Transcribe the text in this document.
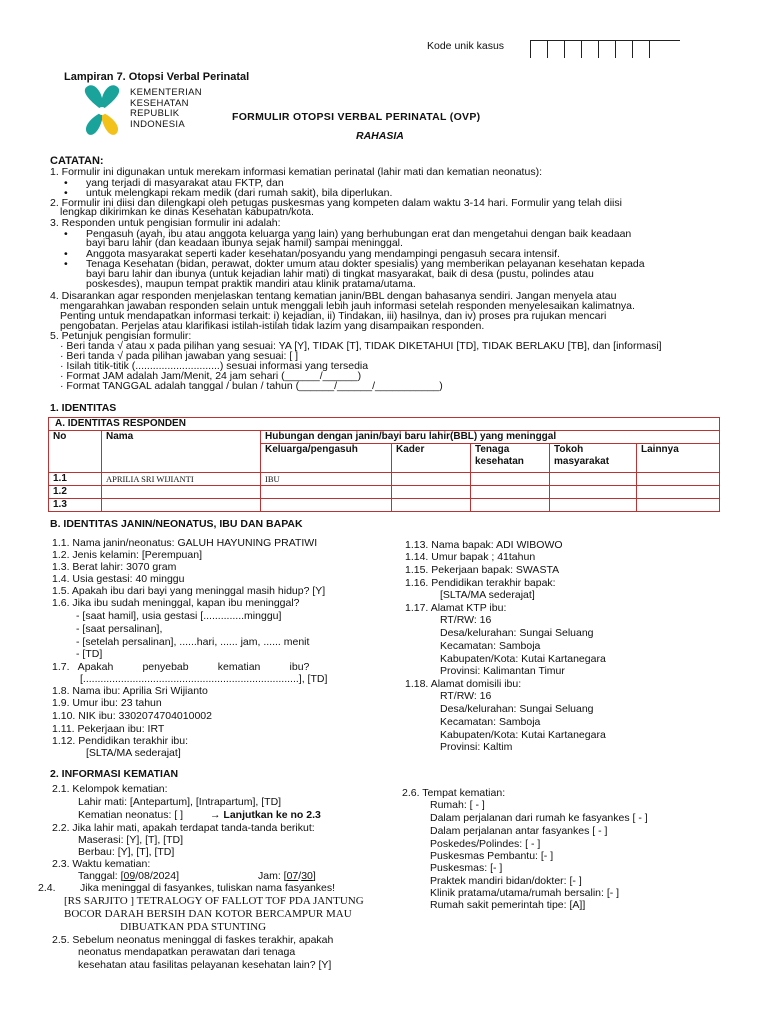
Kode unik kasus
Lampiran 7. Otopsi Verbal Perinatal
KEMENTERIAN
KESEHATAN
REPUBLIK
INDONESIA
FORMULIR OTOPSI VERBAL PERINATAL (OVP)
RAHASIA
CATATAN:
1. Formulir ini digunakan untuk merekam informasi kematian perinatal (lahir mati dan kematian neonatus):
• yang terjadi di masyarakat atau FKTP, dan
• untuk melengkapi rekam medik (dari rumah sakit), bila diperlukan.
2. Formulir ini diisi dan dilengkapi oleh petugas puskesmas yang kompeten dalam waktu 3-14 hari. Formulir yang telah diisi
lengkap dikirimkan ke dinas Kesehatan kabupatn/kota.
3. Responden untuk pengisian formulir ini adalah:
• Pengasuh (ayah, ibu atau anggota keluarga yang lain) yang berhubungan erat dan mengetahui dengan baik keadaan
bayi baru lahir (dan keadaan ibunya sejak hamil) sampai meninggal.
• Anggota masyarakat seperti kader kesehatan/posyandu yang mendampingi pengasuh secara intensif.
• Tenaga Kesehatan (bidan, perawat, dokter umum atau dokter spesialis) yang memberikan pelayanan kesehatan kepada
bayi baru lahir dan ibunya (untuk kejadian lahir mati) di tingkat masyarakat, baik di desa (pustu, polindes atau
poskesdes), maupun tempat praktik mandiri atau klinik pratama/utama.
4. Disarankan agar responden menjelaskan tentang kematian janin/BBL dengan bahasanya sendiri. Jangan menyela atau
mengarahkan jawaban responden selain untuk menggali lebih jauh informasi setelah responden menyelesaikan kalimatnya.
Penting untuk mendapatkan informasi terkait: i) kejadian, ii) Tindakan, iii) hasilnya, dan iv) proses pra rujukan mencari
pengobatan. Perjelas atau klarifikasi istilah-istilah tidak lazim yang disampaikan responden.
5. Petunjuk pengisian formulir:
· Beri tanda √ atau x pada pilihan yang sesuai: YA [Y], TIDAK [T], TIDAK DIKETAHUI [TD], TIDAK BERLAKU [TB], dan [informasi]
· Beri tanda √ pada pilihan jawaban yang sesuai: [ ]
· Isilah titik-titik (.............................) sesuai informasi yang tersedia
· Format JAM adalah Jam/Menit, 24 jam sehari (______/______)
· Format TANGGAL adalah tanggal / bulan / tahun (______/______/___________)
1. IDENTITAS
A. IDENTITAS RESPONDEN						
No	Nama	Hubungan dengan janin/bayi baru lahir(BBL) yang meninggal				
		Keluarga/pengasuh	Kader	Tenaga kesehatan	Tokoh masyarakat	Lainnya
1.1	APRILIA SRI WIJIANTI	IBU				
1.2						
1.3						
B. IDENTITAS JANIN/NEONATUS, IBU DAN BAPAK
1.1. Nama janin/neonatus: GALUH HAYUNING PRATIWI
1.2. Jenis kelamin: [Perempuan]
1.3. Berat lahir: 3070 gram
1.4. Usia gestasi: 40 minggu
1.5. Apakah ibu dari bayi yang meninggal masih hidup? [Y]
1.6. Jika ibu sudah meninggal, kapan ibu meninggal?
- [saat hamil], usia gestasi [..............minggu]
- [saat persalinan],
- [setelah persalinan], ......hari, ...... jam, ...... menit
- [TD]
1.7.   Apakah          penyebab          kematian          ibu?
[..........................................................................], [TD]
1.8. Nama ibu: Aprilia Sri Wijianto
1.9. Umur ibu: 23 tahun
1.10. NIK ibu: 3302074704010002
1.11. Pekerjaan ibu: IRT
1.12. Pendidikan terakhir ibu:
[SLTA/MA sederajat]
1.13. Nama bapak: ADI WIBOWO
1.14. Umur bapak ; 41tahun
1.15. Pekerjaan bapak: SWASTA
1.16. Pendidikan terakhir bapak:
[SLTA/MA sederajat]
1.17. Alamat KTP ibu:
RT/RW: 16
Desa/kelurahan: Sungai Seluang
Kecamatan: Samboja
Kabupaten/Kota: Kutai Kartanegara
Provinsi: Kalimantan Timur
1.18. Alamat domisili ibu:
RT/RW: 16
Desa/kelurahan: Sungai Seluang
Kecamatan: Samboja
Kabupaten/Kota: Kutai Kartanegara
Provinsi: Kaltim
2. INFORMASI KEMATIAN
2.1. Kelompok kematian:
Lahir mati: [Antepartum], [Intrapartum], [TD]
Kematian neonatus: [ ]	→ Lanjutkan ke no 2.3
2.2. Jika lahir mati, apakah terdapat tanda-tanda berikut:
Maserasi: [Y], [T], [TD]
Berbau: [Y], [T], [TD]
2.3. Waktu kematian:
Tanggal: [09/08/2024]	Jam: [07/30]
2.4. Jika meninggal di fasyankes, tuliskan nama fasyankes!
[RS SARJITO ] TETRALOGY OF FALLOT TOF PDA JANTUNG
BOCOR DARAH BERSIH DAN KOTOR BERCAMPUR MAU
DIBUATKAN PDA STUNTING
2.5. Sebelum neonatus meninggal di faskes terakhir, apakah
neonatus mendapatkan perawatan dari tenaga
kesehatan atau fasilitas pelayanan kesehatan lain? [Y]
2.6. Tempat kematian:
Rumah: [ - ]
Dalam perjalanan dari rumah ke fasyankes [ - ]
Dalam perjalanan antar fasyankes [ - ]
Poskedes/Polindes: [ - ]
Puskesmas Pembantu: [- ]
Puskesmas: [- ]
Praktek mandiri bidan/dokter: [- ]
Klinik pratama/utama/rumah bersalin: [- ]
Rumah sakit pemerintah tipe: [A]]
